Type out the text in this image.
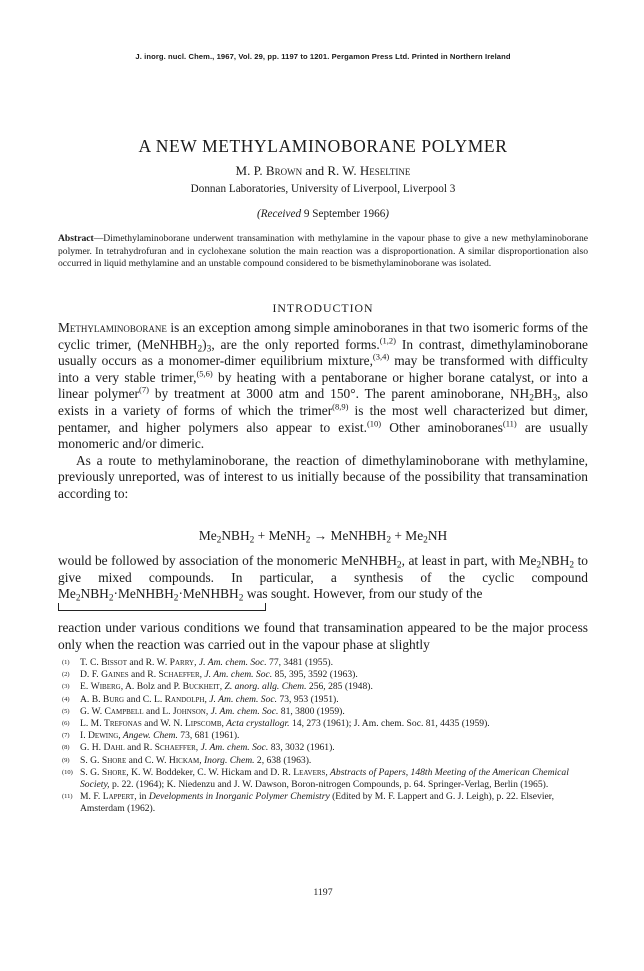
J. inorg. nucl. Chem., 1967, Vol. 29, pp. 1197 to 1201. Pergamon Press Ltd. Printed in Northern Ireland
A NEW METHYLAMINOBORANE POLYMER
M. P. Brown and R. W. Heseltine
Donnan Laboratories, University of Liverpool, Liverpool 3
(Received 9 September 1966)
Abstract—Dimethylaminoborane underwent transamination with methylamine in the vapour phase to give a new methylaminoborane polymer. In tetrahydrofuran and in cyclohexane solution the main reaction was a disproportionation. A similar disproportionation also occurred in liquid methylamine and an unstable compound considered to be bismethylaminoborane was isolated.
INTRODUCTION

Methylaminoborane is an exception among simple aminoboranes in that two isomeric forms of the cyclic trimer, $(MeNHBH_2)_3$, are the only reported forms.$^{(1,2)}$ In contrast, dimethylaminoborane usually occurs as a monomer-dimer equilibrium mixture,$^{(3,4)}$ may be transformed with difficulty into a very stable trimer,$^{(5,6)}$ by heating with a pentaborane or higher borane catalyst, or into a linear polymer$^{(7)}$ by treatment at 3000 atm and 150°. The parent aminoborane, $NH_2BH_3$, also exists in a variety of forms of which the trimer$^{(8,9)}$ is the most well characterized but dimer, pentamer, and higher polymers also appear to exist.$^{(10)}$ Other aminoboranes$^{(11)}$ are usually monomeric and/or dimeric.

As a route to methylaminoborane, the reaction of dimethylaminoborane with methylamine, previously unreported, was of interest to us initially because of the possibility that transamination according to:

$Me_2NBH_2$ + MeNH$_2$ → MeNHBH$_2$ + $Me_2NH$

would be followed by association of the monomeric MeNHBH$_2$, at least in part, with $Me_2NBH_2$ to give mixed compounds. In particular, a synthesis of the cyclic compound $Me_2NBH_2\cdot MeNHBH_2\cdot MeNHBH_2$ was sought. However, from our study of the

reaction under various conditions we found that transamination appeared to be the major process only when the reaction was carried out in the vapour phase at slightly

(1) T. C. Bissot and R. W. Parry, J. Am. chem. Soc. 77, 3481 (1955).
(2) D. F. Gaines and R. Schaeffer, J. Am. chem. Soc. 85, 395, 3592 (1963).
(3) E. Wiberg, A. Bolz and P. Buckheit, Z. anorg. allg. Chem. 256, 285 (1948).
(4) A. B. Burg and C. L. Randolph, J. Am. chem. Soc. 73, 953 (1951).
(5) G. W. Campbell and L. Johnson, J. Am. chem. Soc. 81, 3800 (1959).
(6) L. M. Trefonas and W. N. Lipscomb, Acta crystallogr. 14, 273 (1961); J. Am. chem. Soc. 81, 4435 (1959).
(7) I. Dewing, Angew. Chem. 73, 681 (1961).
(8) G. H. Dahl and R. Schaeffer, J. Am. chem. Soc. 83, 3032 (1961).
(9) S. G. Shore and C. W. Hickam, Inorg. Chem. 2, 638 (1963).
(10) S. G. Shore, K. W. Boddeker, C. W. Hickam and D. R. Leavers, Abstracts of Papers, 148th Meeting of the American Chemical Society, p. 22. (1964); K. Niedenzu and J. W. Dawson, Boron-nitrogen Compounds, p. 64. Springer-Verlag, Berlin (1965).
(11) M. F. Lappert, in Developments in Inorganic Polymer Chemistry (Edited by M. F. Lappert and G. J. Leigh), p. 22. Elsevier, Amsterdam (1962).
1197
